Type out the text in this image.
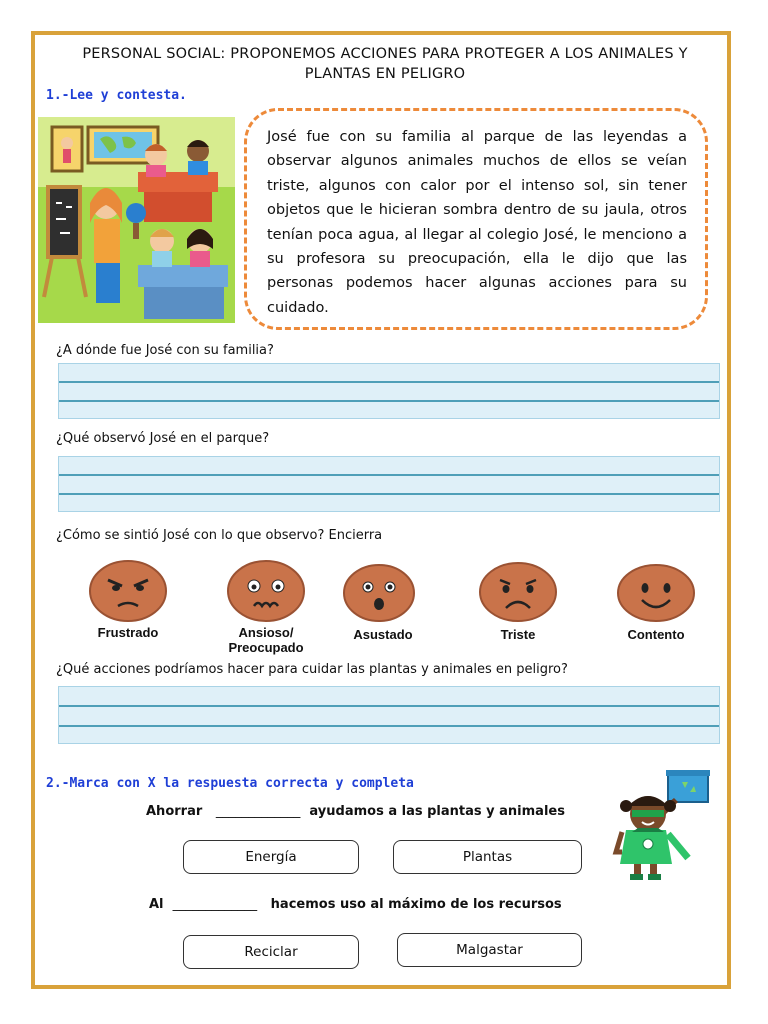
PERSONAL SOCIAL: PROPONEMOS ACCIONES PARA PROTEGER A LOS ANIMALES Y
PLANTAS EN PELIGRO
1.-Lee y contesta.
José fue con su familia al parque de las leyendas a observar algunos animales muchos de ellos se veían triste, algunos con calor por el intenso sol, sin tener objetos que le hicieran sombra dentro de su jaula, otros tenían poca agua, al llegar al colegio José, le menciono a su profesora su preocupación, ella le dijo que las personas podemos hacer algunas acciones para su cuidado.
¿A dónde fue José con su familia?
¿Qué observó José en el parque?
¿Cómo se sintió José con lo que observo? Encierra
Frustrado	Ansioso/
Preocupado
Asustado	Triste	Contento
¿Qué acciones podríamos hacer para cuidar las plantas y animales en peligro?
2.-Marca con X la respuesta correcta y completa
Ahorrar _____________ ayudamos a las plantas y animales
Energía	Plantas
Al _____________ hacemos uso al máximo de los recursos
Reciclar	Malgastar
